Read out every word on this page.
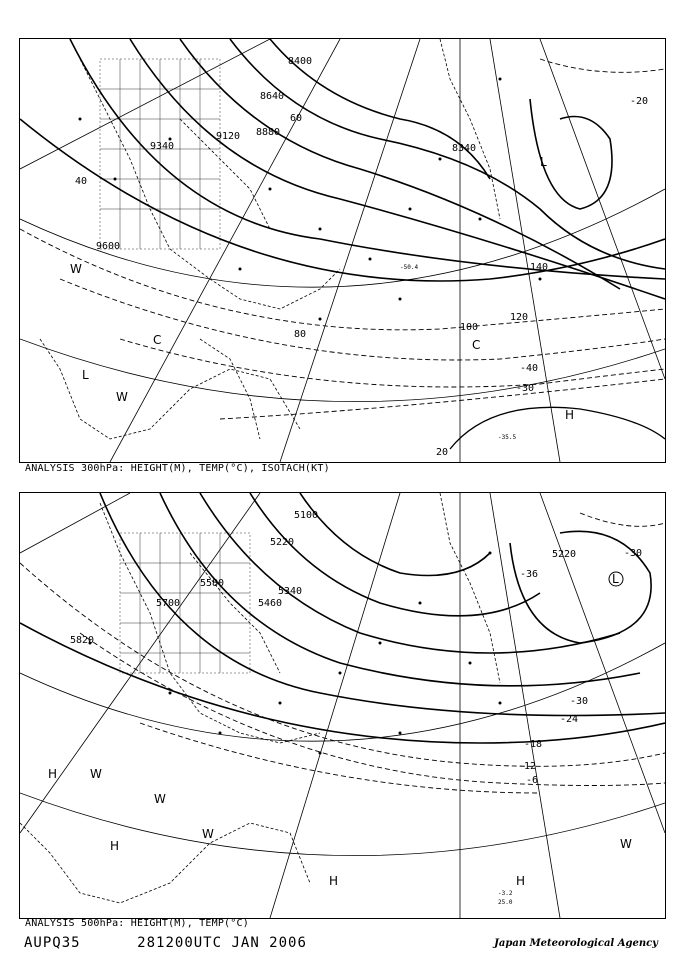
9600
9340
9120 8880
8640
8400
8340
20
40
60
80
100
120
140
-35.5
-50.4
-40
-30
-20
L
W
C
H
W
L
C
ANALYSIS 300hPa: HEIGHT(M), TEMP(°C), ISOTACH(KT)
5820
5700
5580
5460
5340
5220
5100
5220	-30
-36
-30
-24
-18
-12
-6
L
H	W
H
W
W
H
W
H
-3.2
25.0
ANALYSIS 500hPa: HEIGHT(M), TEMP(°C)
AUPQ35	281200UTC JAN 2006	Japan Meteorological Agency
